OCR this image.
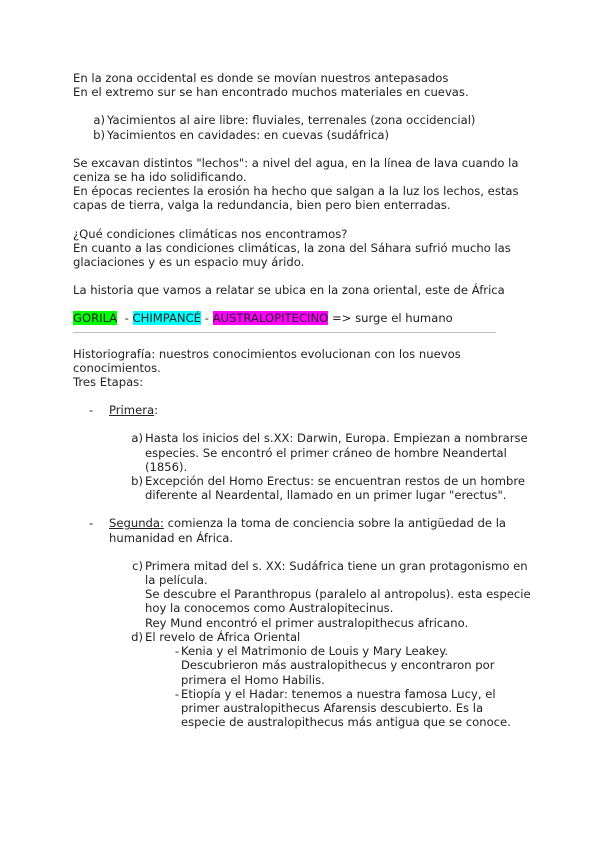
En la zona occidental es donde se movían nuestros antepasados

En el extremo sur se han encontrado muchos materiales en cuevas.

a) Yacimientos al aire libre: fluviales, terrenales (zona occidencial)
b) Yacimientos en cavidades: en cuevas (sudáfrica)

Se excavan distintos "lechos": a nivel del agua, en la línea de lava cuando la ceniza se ha ido solidificando.

En épocas recientes la erosión ha hecho que salgan a la luz los lechos, estas capas de tierra, valga la redundancia, bien pero bien enterradas.

¿Qué condiciones climáticas nos encontramos?

En cuanto a las condiciones climáticas, la zona del Sáhara sufrió mucho las glaciaciones y es un espacio muy árido.

La historia que vamos a relatar se ubica en la zona oriental, este de África

GORILA  - CHIMPANCÉ - AUSTRALOPITECINO => surge el humano

Historiografía: nuestros conocimientos evolucionan con los nuevos conocimientos.

Tres Etapas:

- Primera:
a) Hasta los inicios del s.XX: Darwin, Europa. Empiezan a nombrarse especies. Se encontró el primer cráneo de hombre Neandertal (1856).
b) Excepción del Homo Erectus: se encuentran restos de un hombre diferente al Neardental, llamado en un primer lugar "erectus".
- Segunda: comienza la toma de conciencia sobre la antigüedad de la humanidad en África.
c) Primera mitad del s. XX: Sudáfrica tiene un gran protagonismo en la película.

Se descubre el Paranthropus (paralelo al antropolus). esta especie hoy la conocemos como Australopitecinus.

Rey Mund encontró el primer australopithecus africano.

d) El revelo de África Oriental
- Kenia y el Matrimonio de Louis y Mary Leakey. Descubrieron más australopithecus y encontraron por primera el Homo Habilis.
- Etiopía y el Hadar: tenemos a nuestra famosa Lucy, el primer australopithecus Afarensis descubierto. Es la especie de australopithecus más antigua que se conoce.
